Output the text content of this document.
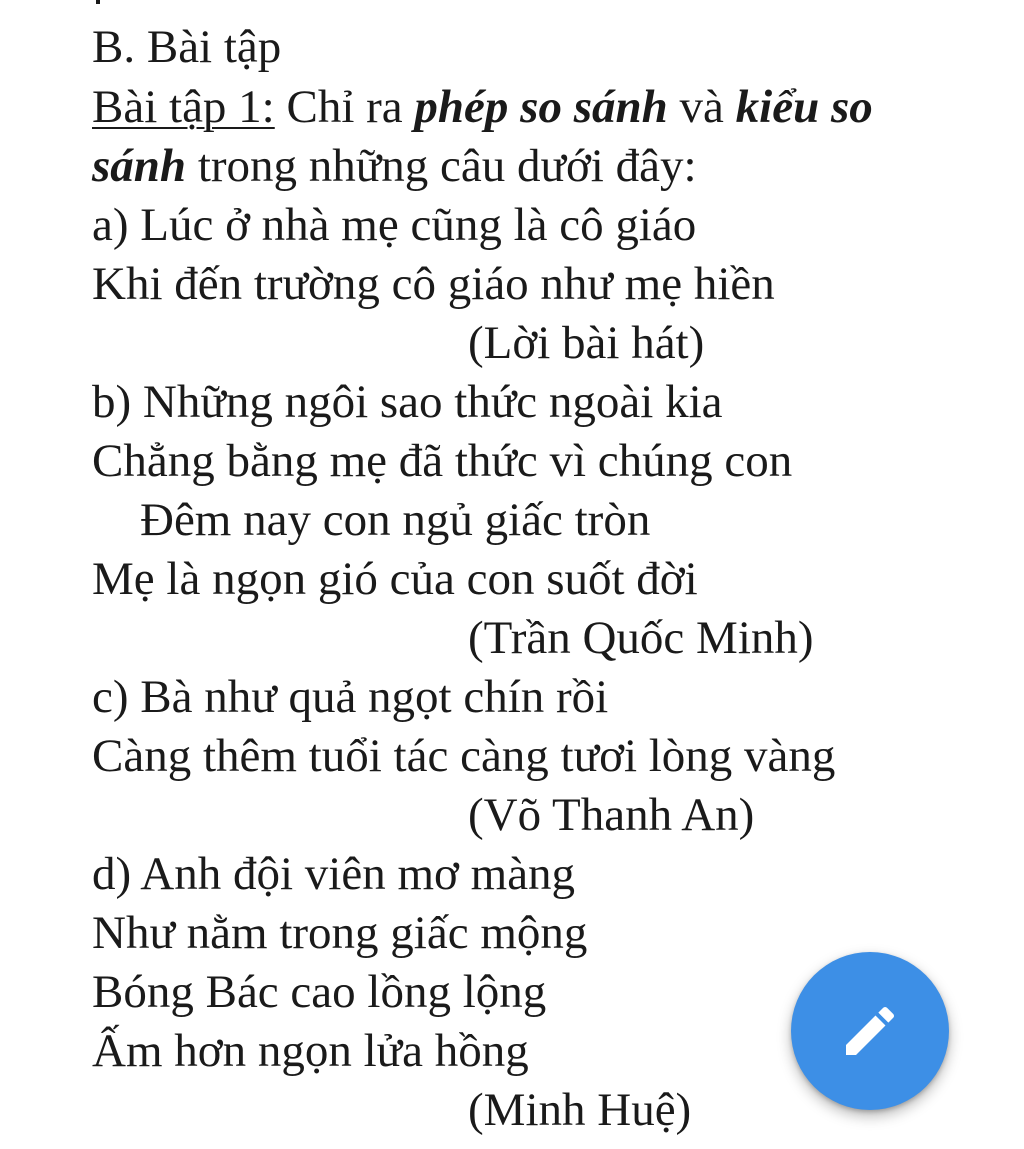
B. Bài tập
Bài tập 1: Chỉ ra phép so sánh và kiểu so
sánh trong những câu dưới đây:
a) Lúc ở nhà mẹ cũng là cô giáo
Khi đến trường cô giáo như mẹ hiền
(Lời bài hát)
b) Những ngôi sao thức ngoài kia
Chẳng bằng mẹ đã thức vì chúng con
Đêm nay con ngủ giấc tròn
Mẹ là ngọn gió của con suốt đời
(Trần Quốc Minh)
c) Bà như quả ngọt chín rồi
Càng thêm tuổi tác càng tươi lòng vàng
(Võ Thanh An)
d) Anh đội viên mơ màng
Như nằm trong giấc mộng
Bóng Bác cao lồng lộng
Ấm hơn ngọn lửa hồng
(Minh Huệ)
